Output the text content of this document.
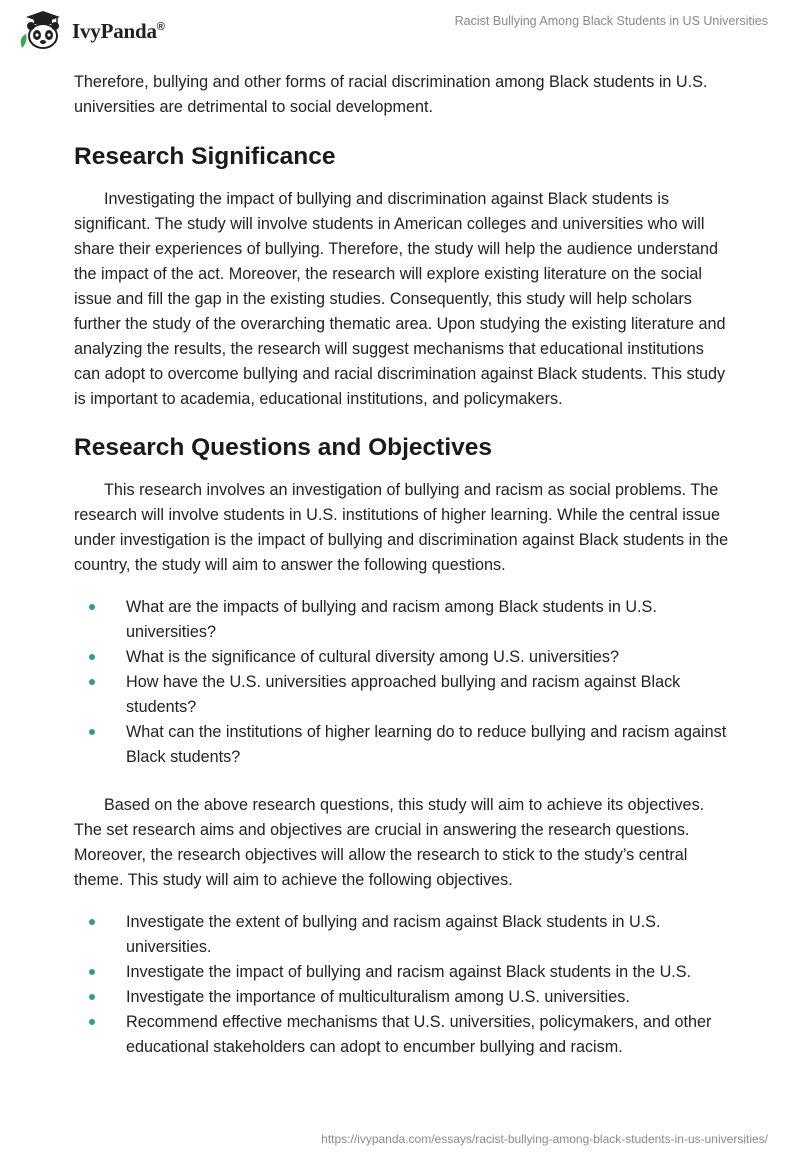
IvyPanda®	Racist Bullying Among Black Students in US Universities

Therefore, bullying and other forms of racial discrimination among Black students in U.S. universities are detrimental to social development.

Research Significance

Investigating the impact of bullying and discrimination against Black students is significant. The study will involve students in American colleges and universities who will share their experiences of bullying. Therefore, the study will help the audience understand the impact of the act. Moreover, the research will explore existing literature on the social issue and fill the gap in the existing studies. Consequently, this study will help scholars further the study of the overarching thematic area. Upon studying the existing literature and analyzing the results, the research will suggest mechanisms that educational institutions can adopt to overcome bullying and racial discrimination against Black students. This study is important to academia, educational institutions, and policymakers.

Research Questions and Objectives

This research involves an investigation of bullying and racism as social problems. The research will involve students in U.S. institutions of higher learning. While the central issue under investigation is the impact of bullying and discrimination against Black students in the country, the study will aim to answer the following questions.

What are the impacts of bullying and racism among Black students in U.S. universities?
What is the significance of cultural diversity among U.S. universities?
How have the U.S. universities approached bullying and racism against Black students?
What can the institutions of higher learning do to reduce bullying and racism against Black students?

Based on the above research questions, this study will aim to achieve its objectives. The set research aims and objectives are crucial in answering the research questions. Moreover, the research objectives will allow the research to stick to the study’s central theme. This study will aim to achieve the following objectives.

Investigate the extent of bullying and racism against Black students in U.S. universities.
Investigate the impact of bullying and racism against Black students in the U.S.
Investigate the importance of multiculturalism among U.S. universities.
Recommend effective mechanisms that U.S. universities, policymakers, and other educational stakeholders can adopt to encumber bullying and racism.
https://ivypanda.com/essays/racist-bullying-among-black-students-in-us-universities/
